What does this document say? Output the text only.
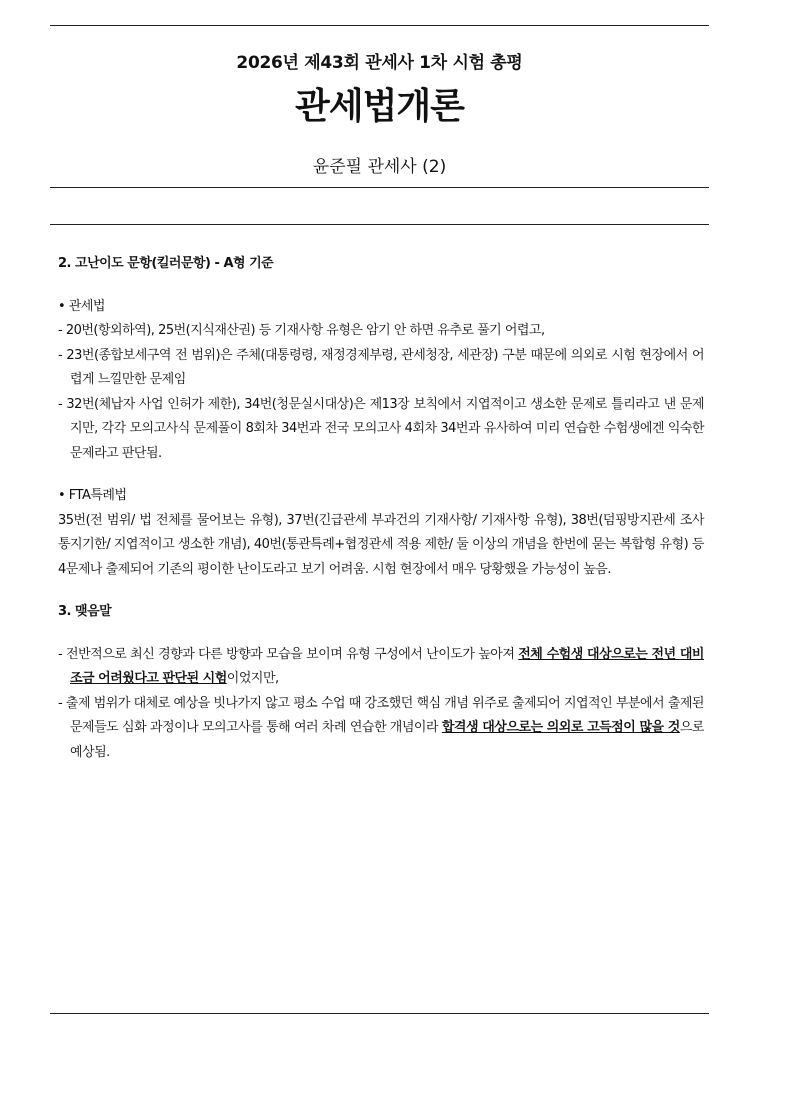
2026년 제43회 관세사 1차 시험 총평
관세법개론
윤준필 관세사 (2)

2. 고난이도 문항(킬러문항) - A형 기준

• 관세법

- 20번(항외하역), 25번(지식재산권) 등 기재사항 유형은 암기 안 하면 유추로 풀기 어렵고,

- 23번(종합보세구역 전 범위)은 주체(대통령령, 재정경제부령, 관세청장, 세관장) 구분 때문에 의외로 시험 현장에서 어렵게 느낄만한 문제임

- 32번(체납자 사업 인허가 제한), 34번(청문실시대상)은 제13장 보칙에서 지엽적이고 생소한 문제로 틀리라고 낸 문제지만, 각각 모의고사식 문제풀이 8회차 34번과 전국 모의고사 4회차 34번과 유사하여 미리 연습한 수험생에겐 익숙한 문제라고 판단됨.

• FTA특례법

35번(전 범위/ 법 전체를 물어보는 유형), 37번(긴급관세 부과건의 기재사항/ 기재사항 유형), 38번(덤핑방지관세 조사 통지기한/ 지엽적이고 생소한 개념), 40번(통관특례+협정관세 적용 제한/ 둘 이상의 개념을 한번에 묻는 복합형 유형) 등 4문제나 출제되어 기존의 평이한 난이도라고 보기 어려움. 시험 현장에서 매우 당황했을 가능성이 높음.

3. 맺음말

- 전반적으로 최신 경향과 다른 방향과 모습을 보이며 유형 구성에서 난이도가 높아져 전체 수험생 대상으로는 전년 대비 조금 어려웠다고 판단된 시험이었지만,

- 출제 범위가 대체로 예상을 빗나가지 않고 평소 수업 때 강조했던 핵심 개념 위주로 출제되어 지엽적인 부분에서 출제된 문제들도 심화 과정이나 모의고사를 통해 여러 차례 연습한 개념이라 합격생 대상으로는 의외로 고득점이 많을 것으로 예상됨.
